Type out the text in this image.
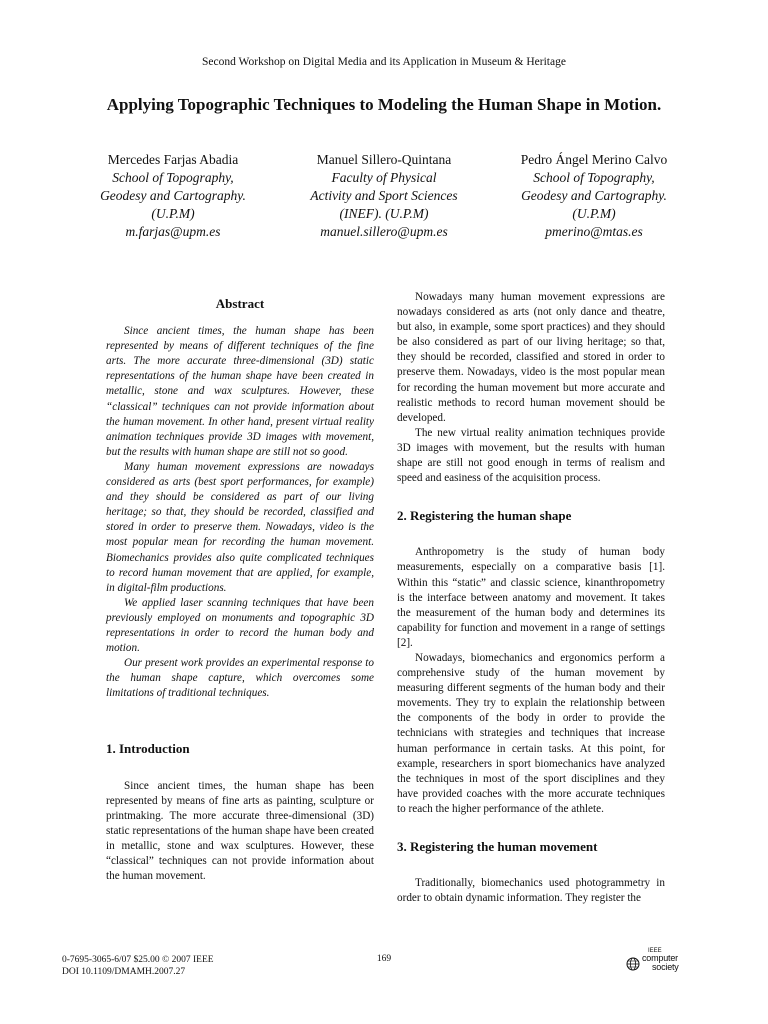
Second Workshop on Digital Media and its Application in Museum & Heritage
Applying Topographic Techniques to Modeling the Human Shape in Motion.
Mercedes Farjas Abadia
School of Topography,
Geodesy and Cartography.
(U.P.M)
m.farjas@upm.es
Manuel Sillero-Quintana
Faculty of Physical
Activity and Sport Sciences
(INEF). (U.P.M)
manuel.sillero@upm.es
Pedro Ángel Merino Calvo
School of Topography,
Geodesy and Cartography.
(U.P.M)
pmerino@mtas.es
Abstract

Since ancient times, the human shape has been represented by means of different techniques of the fine arts. The more accurate three-dimensional (3D) static representations of the human shape have been created in metallic, stone and wax sculptures. However, these “classical” techniques can not provide information about the human movement. In other hand, present virtual reality animation techniques provide 3D images with movement, but the results with human shape are still not so good.

Many human movement expressions are nowadays considered as arts (best sport performances, for example) and they should be considered as part of our living heritage; so that, they should be recorded, classified and stored in order to preserve them. Nowadays, video is the most popular mean for recording the human movement. Biomechanics provides also quite complicated techniques to record human movement that are applied, for example, in digital-film productions.

We applied laser scanning techniques that have been previously employed on monuments and topographic 3D representations in order to record the human body and motion.

Our present work provides an experimental response to the human shape capture, which overcomes some limitations of traditional techniques.

1. Introduction

Since ancient times, the human shape has been represented by means of fine arts as painting, sculpture or printmaking. The more accurate three-dimensional (3D) static representations of the human shape have been created in metallic, stone and wax sculptures. However, these “classical” techniques can not provide information about the human movement.

Nowadays many human movement expressions are nowadays considered as arts (not only dance and theatre, but also, in example, some sport practices) and they should be also considered as part of our living heritage; so that, they should be recorded, classified and stored in order to preserve them. Nowadays, video is the most popular mean for recording the human movement but more accurate and realistic methods to record human movement should be developed.

The new virtual reality animation techniques provide 3D images with movement, but the results with human shape are still not good enough in terms of realism and speed and easiness of the acquisition process.

2. Registering the human shape

Anthropometry is the study of human body measurements, especially on a comparative basis [1]. Within this “static” and classic science, kinanthropometry is the interface between anatomy and movement. It takes the measurement of the human body and determines its capability for function and movement in a range of settings [2].

Nowadays, biomechanics and ergonomics perform a comprehensive study of the human movement by measuring different segments of the human body and their movements. They try to explain the relationship between the components of the body in order to provide the technicians with strategies and techniques that increase human performance in certain tasks. At this point, for example, researchers in sport biomechanics have analyzed the techniques in most of the sport disciplines and they have provided coaches with the more accurate techniques to reach the higher performance of the athlete.

3. Registering the human movement

Traditionally, biomechanics used photogrammetry in order to obtain dynamic information. They register the

0-7695-3065-6/07 $25.00 © 2007 IEEE
DOI 10.1109/DMAMH.2007.27
169
IEEE
computer
society
